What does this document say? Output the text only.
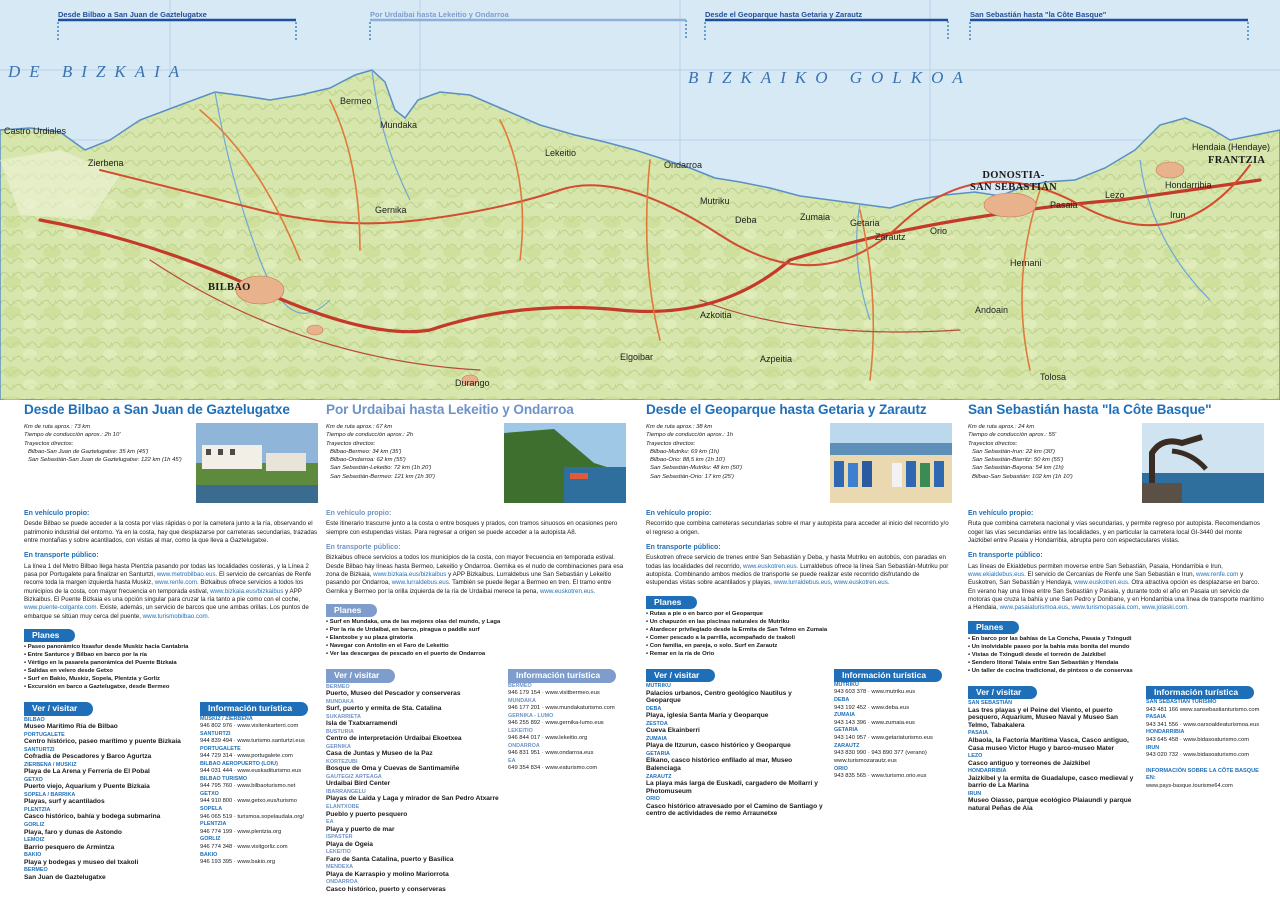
Desde Bilbao a San Juan de Gaztelugatxe	Por Urdaibai hasta Lekeitio y Ondarroa	Desde el Geoparque hasta Getaria y Zarautz	San Sebastián hasta "la Côte Basque"
DE BIZKAIA	BIZKAIKO GOLKOA
BILBAO
DONOSTIA-
SAN SEBASTIÁN
FRANTZIA
Castro Urdiales
Zierbena
Bermeo
Mundaka
Gernika
Lekeitio
Ondarroa
Mutriku
Deba	Zumaia
Getaria
Zarautz
Orio
Pasaia
Hondarribia
Irun
Hendaia (Hendaye)
Durango
Elgoibar	Azpeitia
Azkoitia
Tolosa
Andoain
Hernani
Lezo
Desde Bilbao a San Juan de Gaztelugatxe
Km de ruta aprox.: 73 km
Tiempo de conducción aprox.: 2h 10'
Trayectos directos:
Bilbao-San Juan de Gaztelugatxe: 35 km (45')
San Sebastián-San Juan de Gaztelugatxe: 122 km (1h 45')
En vehículo propio:
Desde Bilbao se puede acceder a la costa por vías rápidas o por la carretera junto a la ría, observando el patrimonio industrial del entorno. Ya en la costa, hay que desplazarse por carreteras secundarias, trazadas entre montañas y sobre acantilados, con vistas al mar, como la que lleva a Gaztelugatxe.
En transporte público:
La línea 1 del Metro Bilbao llega hasta Plentzia pasando por todas las localidades costeras, y la Línea 2 pasa por Portugalete para finalizar en Santurtzi, www.metrobilbao.eus. El servicio de cercanías de Renfe recorre toda la margen izquierda hasta Muskiz, www.renfe.com. Bizkaibus ofrece servicios a todos los municipios de la costa, con mayor frecuencia en temporada estival, www.bizkaia.eus/bizkaibus y APP Bizkaibus. El Puente Bizkaia es una opción singular para cruzar la ría tanto a pie como con el coche, www.puente-colgante.com. Existe, además, un servicio de barcos que une ambas orillas. Los puntos de embarque se sitúan muy cerca del puente, www.turismobilbao.com.
Planes
• Paseo panorámico Itsasfur desde Muskiz hacia Cantabria
• Entre Santurce y Bilbao en barco por la ría
• Vértigo en la pasarela panorámica del Puente Bizkaia
• Salidas en velero desde Getxo
• Surf en Bakio, Muskiz, Sopela, Plentzia y Gorliz
• Excursión en barco a Gaztelugatxe, desde Bermeo
Ver / visitar
BILBAO
Museo Marítimo Ría de Bilbao
PORTUGALETE
Centro histórico, paseo marítimo y puente Bizkaia
SANTURTZI
Cofradía de Pescadores y Barco Agurtza
ZIERBENA / MUSKIZ
Playa de La Arena y Ferrería de El Pobal
GETXO
Puerto viejo, Aquarium y Puente Bizkaia
SOPELA / BARRIKA
Playas, surf y acantilados
PLENTZIA
Casco histórico, bahía y bodega submarina
GORLIZ
Playa, faro y dunas de Astondo
LEMOIZ
Barrio pesquero de Armintza
BAKIO
Playa y bodegas y museo del txakoli
BERMEO
San Juan de Gaztelugatxe
Información turística
MUSKIZ / ZIERBENA
946 802 976 · www.visitenkarterri.com
SANTURTZI
944 839 494 · www.turismo.santurtzi.eus
PORTUGALETE
944 729 314 · www.portugalete.com
BILBAO AEROPUERTO (LOIU)
944 031 444 · www.euskaditurismo.eus
BILBAO TURISMO
944 795 760 · www.bilbaoturismo.net
GETXO
944 910 800 · www.getxo.eus/turismo
SOPELA
946 065 519 · turismoa.sopelaudala.org/
PLENTZIA
946 774 199 · www.plentzia.org
GORLIZ
946 774 348 · www.visitgorliz.com
BAKIO
946 193 395 · www.bakio.org
Por Urdaibai hasta Lekeitio y Ondarroa
Km de ruta aprox.: 67 km
Tiempo de conducción aprox.: 2h
Trayectos directos:
Bilbao-Bermeo: 34 km (35')
Bilbao-Ondarroa: 62 km (55')
San Sebastián-Lekeitio: 72 km (1h 20')
San Sebastián-Bermeo: 121 km (1h 30')
En vehículo propio:
Este itinerario trascurre junto a la costa o entre bosques y prados, con tramos sinuosos en ocasiones pero siempre con estupendas vistas. Para regresar a origen se puede acceder a la autopista A8.
En transporte público:
Bizkaibus ofrece servicios a todos los municipios de la costa, con mayor frecuencia en temporada estival. Desde Bilbao hay líneas hasta Bermeo, Lekeitio y Ondarroa. Gernika es el nudo de combinaciones para esa zona de Bizkaia, www.bizkaia.eus/bizkaibus y APP Bizkaibus. Lurraldebus une San Sebastián y Lekeitio pasando por Ondarroa, www.lurraldebus.eus. También se puede llegar a Bermeo en tren. El tramo entre Gernika y Bermeo por la orilla izquierda de la ría de Urdaibai merece la pena, www.euskotren.eus.
Planes
• Surf en Mundaka, una de las mejores olas del mundo, y Laga
• Por la ría de Urdaibai, en barco, piragua o paddle surf
• Elantxobe y su plaza giratoria
• Navegar con Antolin en el Faro de Lekeitio
• Ver las descargas de pescado en el puerto de Ondarroa
Ver / visitar
BERMEO
Puerto, Museo del Pescador y conserveras
MUNDAKA
Surf, puerto y ermita de Sta. Catalina
SUKARRIETA
Isla de Txatxarramendi
BUSTURIA
Centro de interpretación Urdaibai Ekoetxea
GERNIKA
Casa de Juntas y Museo de la Paz
KORTEZUBI
Bosque de Oma y Cuevas de Santimamiñe
GAUTEGIZ ARTEAGA
Urdaibai Bird Center
IBARRANGELU
Playas de Laida y Laga y mirador de San Pedro Atxarre
ELANTXOBE
Pueblo y puerto pesquero
EA
Playa y puerto de mar
ISPASTER
Playa de Ogeia
LEKEITIO
Faro de Santa Catalina, puerto y Basílica
MENDEXA
Playa de Karraspio y molino Mariorrota
ONDARROA
Casco histórico, puerto y conserveras
Información turística
BERMEO
946 179 154 · www.visitbermeo.eus
MUNDAKA
946 177 201 · www.mundakaturismo.com
GERNIKA - LUMO
946 255 892 · www.gernika-lumo.eus
LEKEITIO
946 844 017 · www.lekeitio.org
ONDARROA
946 831 951 · www.ondarroa.eus
EA
649 354 834 · www.eaturismo.com
Desde el Geoparque hasta Getaria y Zarautz
Km de ruta aprox.: 38 km
Tiempo de conducción aprox.: 1h
Trayectos directos:
Bilbao-Mutriku: 69 km (1h)
Bilbao-Orio: 88,5 km (1h 10')
San Sebastián-Mutriku: 48 km (50')
San Sebastián-Orio: 17 km (25')
En vehículo propio:
Recorrido que combina carreteras secundarias sobre el mar y autopista para acceder al inicio del recorrido y/o el regreso a origen.
En transporte público:
Euskotren ofrece servicio de trenes entre San Sebastián y Deba, y hasta Mutriku en autobús, con paradas en todas las localidades del recorrido, www.euskotren.eus. Lurraldebus ofrece la línea San Sebastián-Mutriku por autopista. Combinando ambos medios de transporte se puede realizar este recorrido disfrutando de estupendas vistas sobre acantilados y playas, www.lurraldebus.eus, www.euskotren.eus.
Planes
• Rutas a pie o en barco por el Geoparque
• Un chapuzón en las piscinas naturales de Mutriku
• Atardecer privilegiado desde la Ermita de San Telmo en Zumaia
• Comer pescado a la parrilla, acompañado de txakoli
• Con familia, en pareja, o solo. Surf en Zarautz
• Remar en la ría de Orio
Ver / visitar
MUTRIKU
Palacios urbanos, Centro geológico Nautilus y Geoparque
DEBA
Playa, iglesia Santa María y Geoparque
ZESTOA
Cueva Ekainberri
ZUMAIA
Playa de Itzurun, casco histórico y Geoparque
GETARIA
Elkano, casco histórico enfilado al mar, Museo Balenciaga
ZARAUTZ
La playa más larga de Euskadi, cargadero de Mollarri y Photomuseum
ORIO
Casco histórico atravesado por el Camino de Santiago y centro de actividades de remo Arraunetxe
Información turística
MUTRIKU
943 603 378 · www.mutriku.eus
DEBA
943 192 452 · www.deba.eus
ZUMAIA
943 143 396 · www.zumaia.eus
GETARIA
943 140 957 · www.getariaturismo.eus
ZARAUTZ
943 830 990 · 943 890 377 (verano) www.turismozarautz.eus
ORIO
943 835 565 · www.turismo.orio.eus
San Sebastián hasta "la Côte Basque"
Km de ruta aprox.: 24 km
Tiempo de conducción aprox.: 55'
Trayectos directos:
San Sebastián-Irun: 22 km (30')
San Sebastián-Biarritz: 50 km (55')
San Sebastián-Bayona: 54 km (1h)
Bilbao-San Sebastián: 102 km (1h 10')
En vehículo propio:
Ruta que combina carretera nacional y vías secundarias, y permite regreso por autopista. Recomendamos coger las vías secundarias entre las localidades, y en particular la carretera local GI-3440 del monte Jaizkibel entre Pasaia y Hondarribia, abrupta pero con espectaculares vistas.
En transporte público:
Las líneas de Ekialdebus permiten moverse entre San Sebastián, Pasaia, Hondarribia e Irun, www.ekialdebus.eus. El servicio de Cercanías de Renfe une San Sebastián e Irun, www.renfe.com y Euskotren, San Sebastián y Hendaya, www.euskotren.eus. Otra atractiva opción es desplazarse en barco. En verano hay una línea entre San Sebastián y Pasaia, y durante todo el año en Pasaia un servicio de motoras que cruza la bahía y une San Pedro y Donibane, y en Hondarribia una línea de transporte marítimo a Hendaia, www.pasaiaturismoa.eus, www.turismopasaia.com, www.jolaski.com.
Planes
• En barco por las bahías de La Concha, Pasaia y Txingudi
• Un inolvidable paseo por la bahía más bonita del mundo
• Vistas de Txingudi desde el torreón de Jaizkibel
• Sendero litoral Talaia entre San Sebastián y Hendaia
• Un taller de cocina tradicional, de pintxos o de conservas
Ver / visitar
SAN SEBASTIÁN
Las tres playas y el Peine del Viento, el puerto pesquero, Aquarium, Museo Naval y Museo San Telmo, Tabakalera
PASAIA
Albaola, la Factoría Marítima Vasca, Casco antiguo, Casa museo Victor Hugo y barco-museo Mater
LEZO
Casco antiguo y torreones de Jaizkibel
HONDARRIBIA
Jaizkibel y la ermita de Guadalupe, casco medieval y barrio de La Marina
IRUN
Museo Oiasso, parque ecológico Plaiaundi y parque natural Peñas de Aia
Información turística
SAN SEBASTIÁN TURISMO
943 481 166 www.sansebastianturismo.com
PASAIA
943 341 556 · www.oarsoaldeaturismoa.eus
HONDARRIBIA
943 645 458 · www.bidasoaturismo.com
IRUN
943 020 732 · www.bidasoaturismo.com
INFORMACIÓN SOBRE LA CÔTE BASQUE EN:
www.pays-basque.tourisme64.com
